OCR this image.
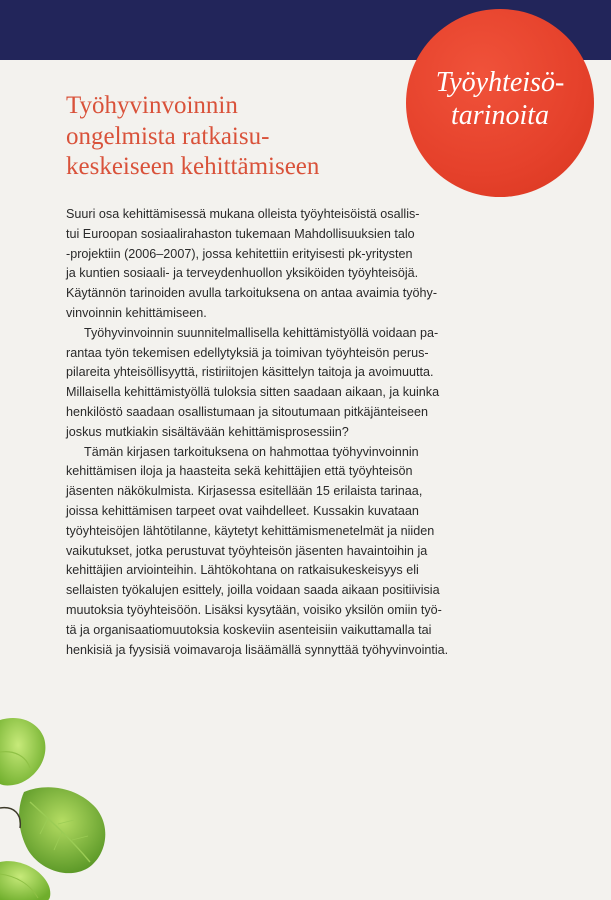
Työyhteisö-
tarinoita
Työhyvinvoinnin
ongelmista ratkaisu-
keskeiseen kehittämiseen

Suuri osa kehittämisessä mukana olleista työyhteisöistä osallis-
tui Euroopan sosiaalirahaston tukemaan Mahdollisuuksien talo
-projektiin (2006–2007), jossa kehitettiin erityisesti pk-yritysten
ja kuntien sosiaali- ja terveydenhuollon yksiköiden työyhteisöjä.
Käytännön tarinoiden avulla tarkoituksena on antaa avaimia työhy-
vinvoinnin kehittämiseen.

Työhyvinvoinnin suunnitelmallisella kehittämistyöllä voidaan pa-
rantaa työn tekemisen edellytyksiä ja toimivan työyhteisön perus-
pilareita yhteisöllisyyttä, ristiriitojen käsittelyn taitoja ja avoimuutta.
Millaisella kehittämistyöllä tuloksia sitten saadaan aikaan, ja kuinka
henkilöstö saadaan osallistumaan ja sitoutumaan pitkäjänteiseen
joskus mutkiakin sisältävään kehittämisprosessiin?

Tämän kirjasen tarkoituksena on hahmottaa työhyvinvoinnin
kehittämisen iloja ja haasteita sekä kehittäjien että työyhteisön
jäsenten näkökulmista. Kirjasessa esitellään 15 erilaista tarinaa,
joissa kehittämisen tarpeet ovat vaihdelleet. Kussakin kuvataan
työyhteisöjen lähtötilanne, käytetyt kehittämismenetelmät ja niiden
vaikutukset, jotka perustuvat työyhteisön jäsenten havaintoihin ja
kehittäjien arviointeihin. Lähtökohtana on ratkaisukeskeisyys eli
sellaisten työkalujen esittely, joilla voidaan saada aikaan positiivisia
muutoksia työyhteisöön. Lisäksi kysytään, voisiko yksilön omiin työ-
tä ja organisaatiomuutoksia koskeviin asenteisiin vaikuttamalla tai
henkisiä ja fyysisiä voimavaroja lisäämällä synnyttää työhyvinvointia.
